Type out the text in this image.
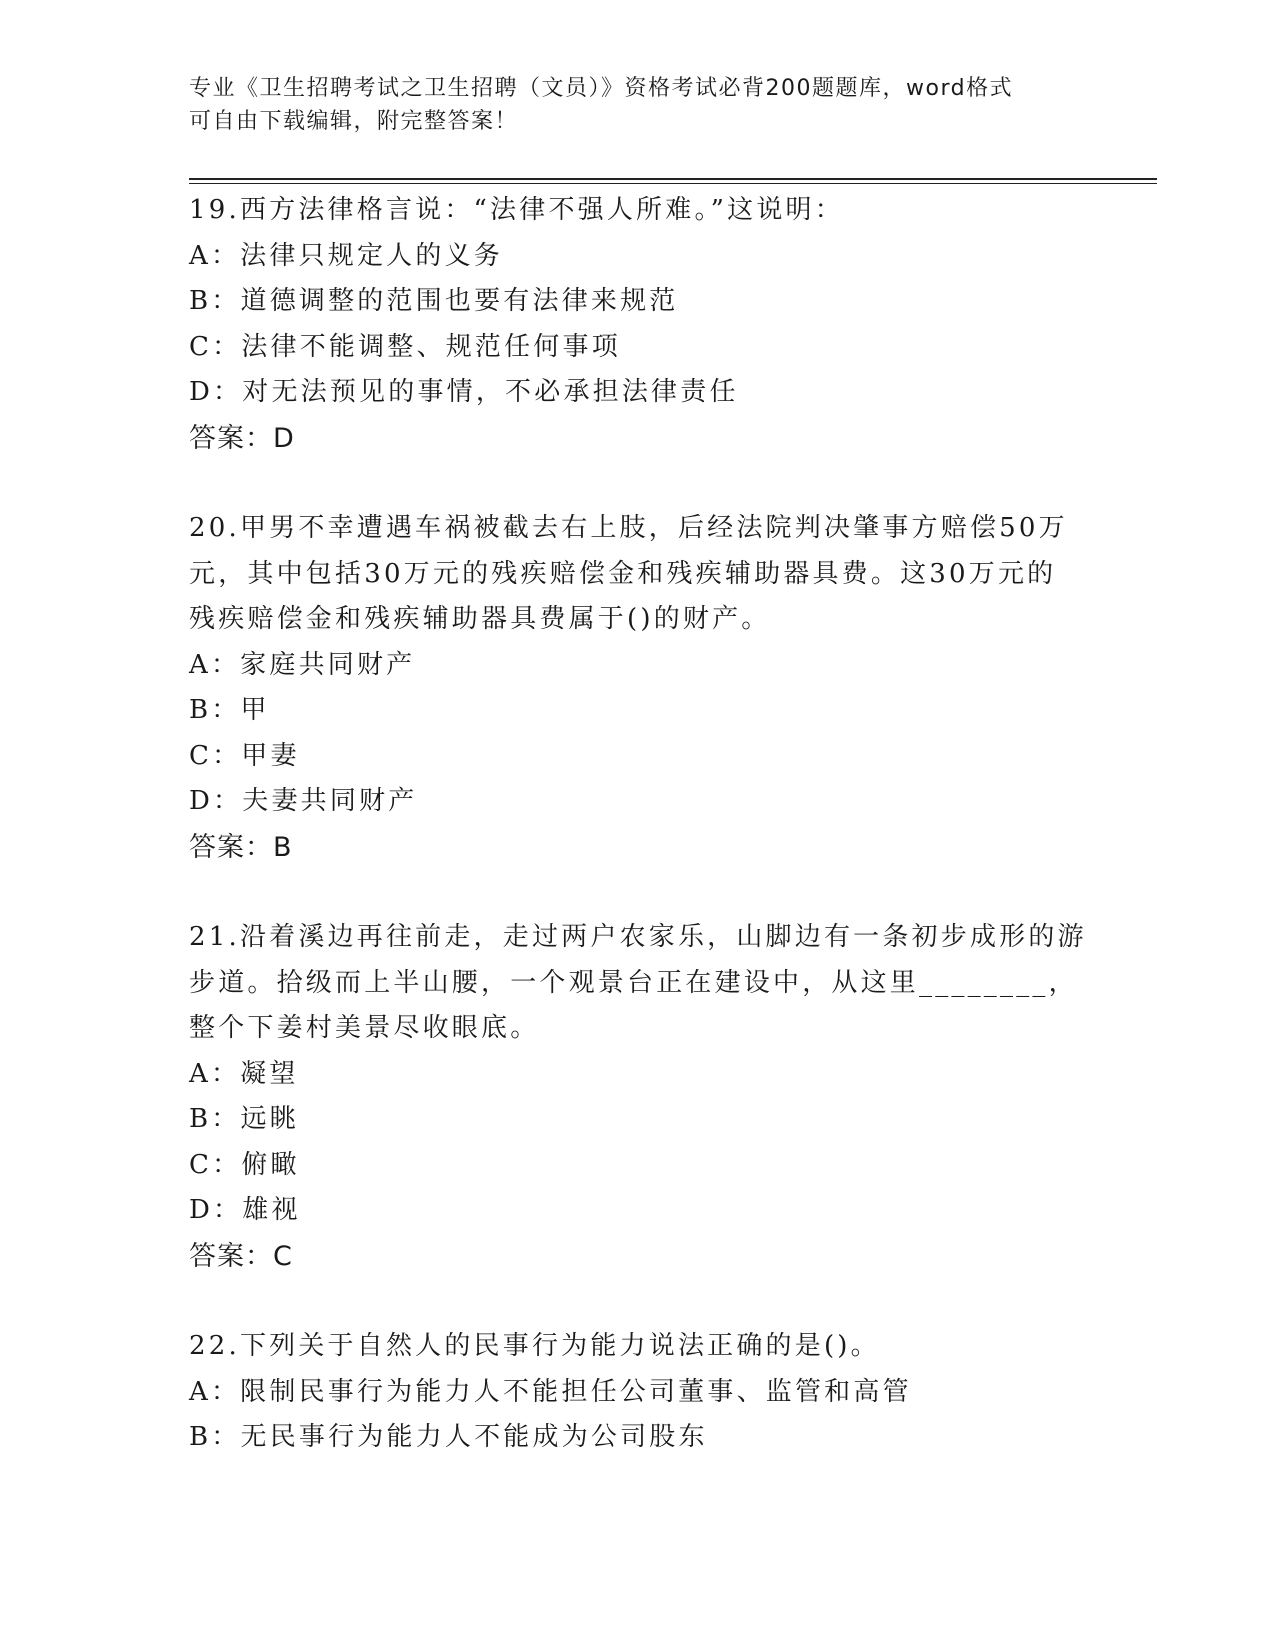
专业《卫生招聘考试之卫生招聘（文员）》资格考试必背200题题库，word格式
可自由下载编辑，附完整答案！
19.西方法律格言说：“法律不强人所难。”这说明：
A：法律只规定人的义务
B：道德调整的范围也要有法律来规范
C：法律不能调整、规范任何事项
D：对无法预见的事情，不必承担法律责任
答案：D
20.甲男不幸遭遇车祸被截去右上肢，后经法院判决肇事方赔偿50万
元，其中包括30万元的残疾赔偿金和残疾辅助器具费。这30万元的
残疾赔偿金和残疾辅助器具费属于()的财产。
A：家庭共同财产
B：甲
C：甲妻
D：夫妻共同财产
答案：B
21.沿着溪边再往前走，走过两户农家乐，山脚边有一条初步成形的游
步道。拾级而上半山腰，一个观景台正在建设中，从这里________，
整个下姜村美景尽收眼底。
A：凝望
B：远眺
C：俯瞰
D：雄视
答案：C
22.下列关于自然人的民事行为能力说法正确的是()。
A：限制民事行为能力人不能担任公司董事、监管和高管
B：无民事行为能力人不能成为公司股东
